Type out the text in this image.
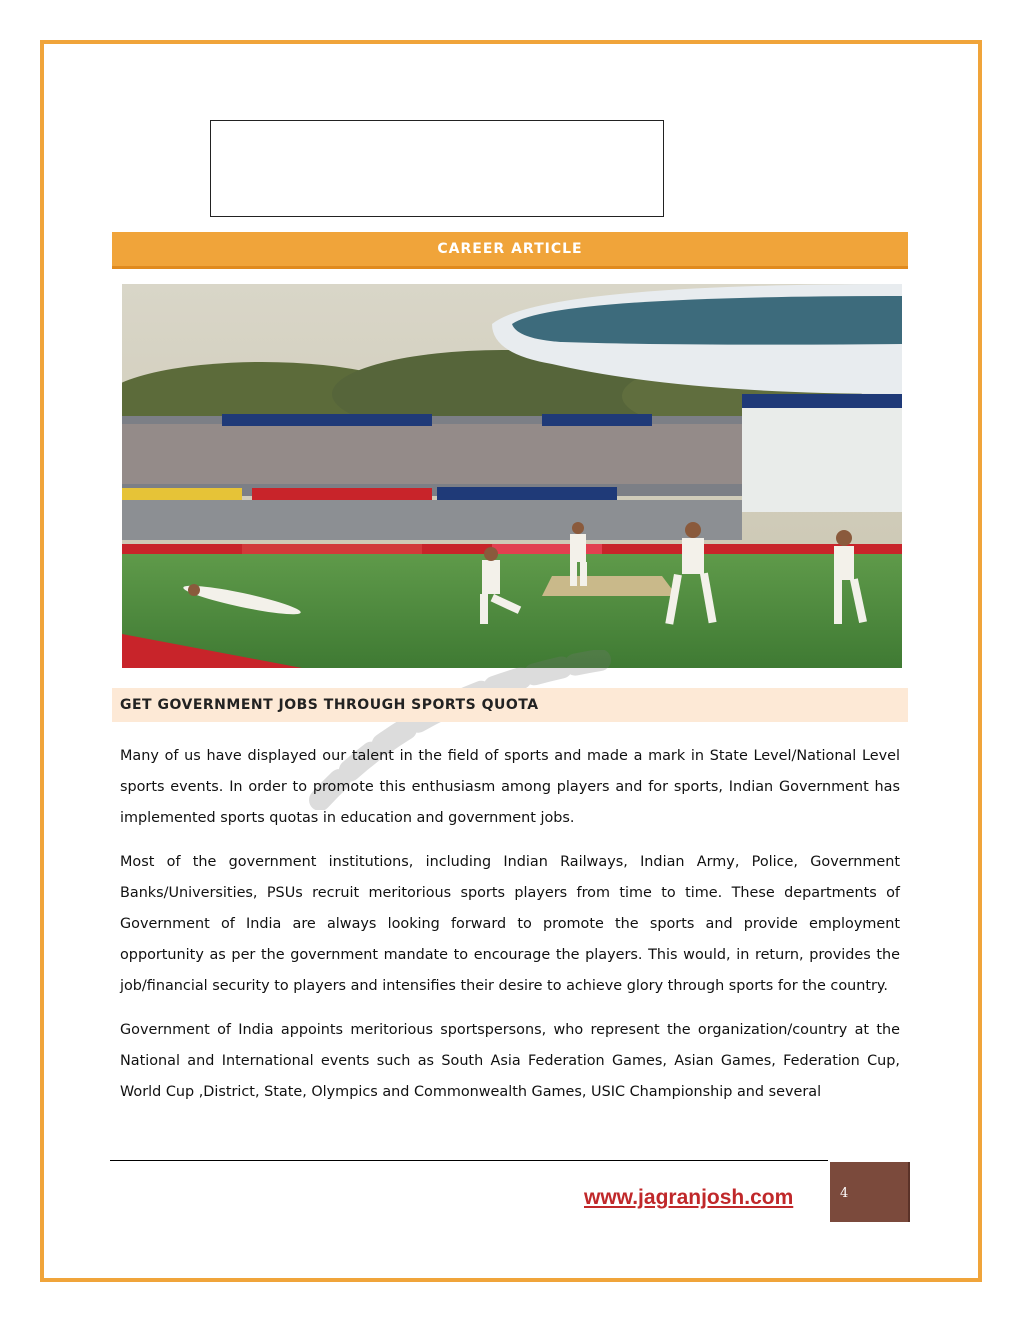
CAREER ARTICLE
GET GOVERNMENT JOBS THROUGH SPORTS QUOTA

Many of us have displayed our talent in the field of sports and made a mark in State Level/National Level sports events. In order to promote this enthusiasm among players and for sports, Indian Government has implemented sports quotas in education and government jobs.

Most of the government institutions, including Indian Railways, Indian Army, Police, Government Banks/Universities, PSUs recruit meritorious sports players from time to time. These departments of Government of India are always looking forward to promote the sports and provide employment opportunity as per the government mandate to encourage the players. This would, in return, provides the job/financial security to players and intensifies their desire to achieve glory through sports for the country.

Government of India appoints meritorious sportspersons, who represent the organization/country at the National and International events such as South Asia Federation Games, Asian Games, Federation Cup, World Cup ,District, State, Olympics and Commonwealth Games, USIC Championship and several

www.jagranjosh.com	4
